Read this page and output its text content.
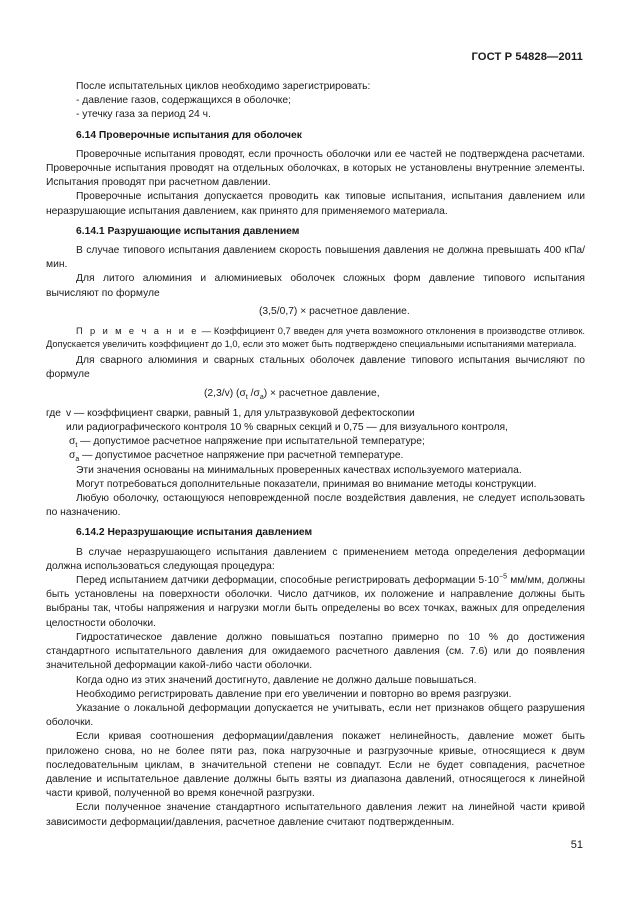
ГОСТ Р 54828—2011

После испытательных циклов необходимо зарегистрировать:

- давление газов, содержащихся в оболочке;

- утечку газа за период 24 ч.

6.14 Проверочные испытания для оболочек

Проверочные испытания проводят, если прочность оболочки или ее частей не подтверждена расчетами. Проверочные испытания проводят на отдельных оболочках, в которых не установлены внутренние элементы. Испытания проводят при расчетном давлении.

Проверочные испытания допускается проводить как типовые испытания, испытания давлением или неразрушающие испытания давлением, как принято для применяемого материала.

6.14.1 Разрушающие испытания давлением

В случае типового испытания давлением скорость повышения давления не должна превышать 400 кПа/мин.

Для литого алюминия и алюминиевых оболочек сложных форм давление типового испытания вычисляют по формуле

(3,5/0,7) × расчетное давление.

П р и м е ч а н и е — Коэффициент 0,7 введен для учета возможного отклонения в производстве отливок. Допускается увеличить коэффициент до 1,0, если это может быть подтверждено специальными испытаниями материала.

Для сварного алюминия и сварных стальных оболочек давление типового испытания вычисляют по формуле

(2,3/v) ($\sigma_t$ $/\sigma_a$) × расчетное давление,

где v — коэффициент сварки, равный 1, для ультразвуковой дефектоскопии
или радиографического контроля 10 % сварных секций и 0,75 — для визуального контроля,
$\sigma_t$ — допустимое расчетное напряжение при испытательной температуре;
$\sigma_a$ — допустимое расчетное напряжение при расчетной температуре.

Эти значения основаны на минимальных проверенных качествах используемого материала.

Могут потребоваться дополнительные показатели, принимая во внимание методы конструкции.

Любую оболочку, остающуюся неповрежденной после воздействия давления, не следует использовать по назначению.

6.14.2 Неразрушающие испытания давлением

В случае неразрушающего испытания давлением с применением метода определения деформации должна использоваться следующая процедура:

Перед испытанием датчики деформации, способные регистрировать деформации $5\cdot 10^{-5}$ мм/мм, должны быть установлены на поверхности оболочки. Число датчиков, их положение и направление должны быть выбраны так, чтобы напряжения и нагрузки могли быть определены во всех точках, важных для определения целостности оболочки.

Гидростатическое давление должно повышаться поэтапно примерно по 10 % до достижения стандартного испытательного давления для ожидаемого расчетного давления (см. 7.6) или до появления значительной деформации какой-либо части оболочки.

Когда одно из этих значений достигнуто, давление не должно дальше повышаться.

Необходимо регистрировать давление при его увеличении и повторно во время разгрузки.

Указание о локальной деформации допускается не учитывать, если нет признаков общего разрушения оболочки.

Если кривая соотношения деформации/давления покажет нелинейность, давление может быть приложено снова, но не более пяти раз, пока нагрузочные и разгрузочные кривые, относящиеся к двум последовательным циклам, в значительной степени не совпадут. Если не будет совпадения, расчетное давление и испытательное давление должны быть взяты из диапазона давлений, относящегося к линейной части кривой, полученной во время конечной разгрузки.

Если полученное значение стандартного испытательного давления лежит на линейной части кривой зависимости деформации/давления, расчетное давление считают подтвержденным.

51
